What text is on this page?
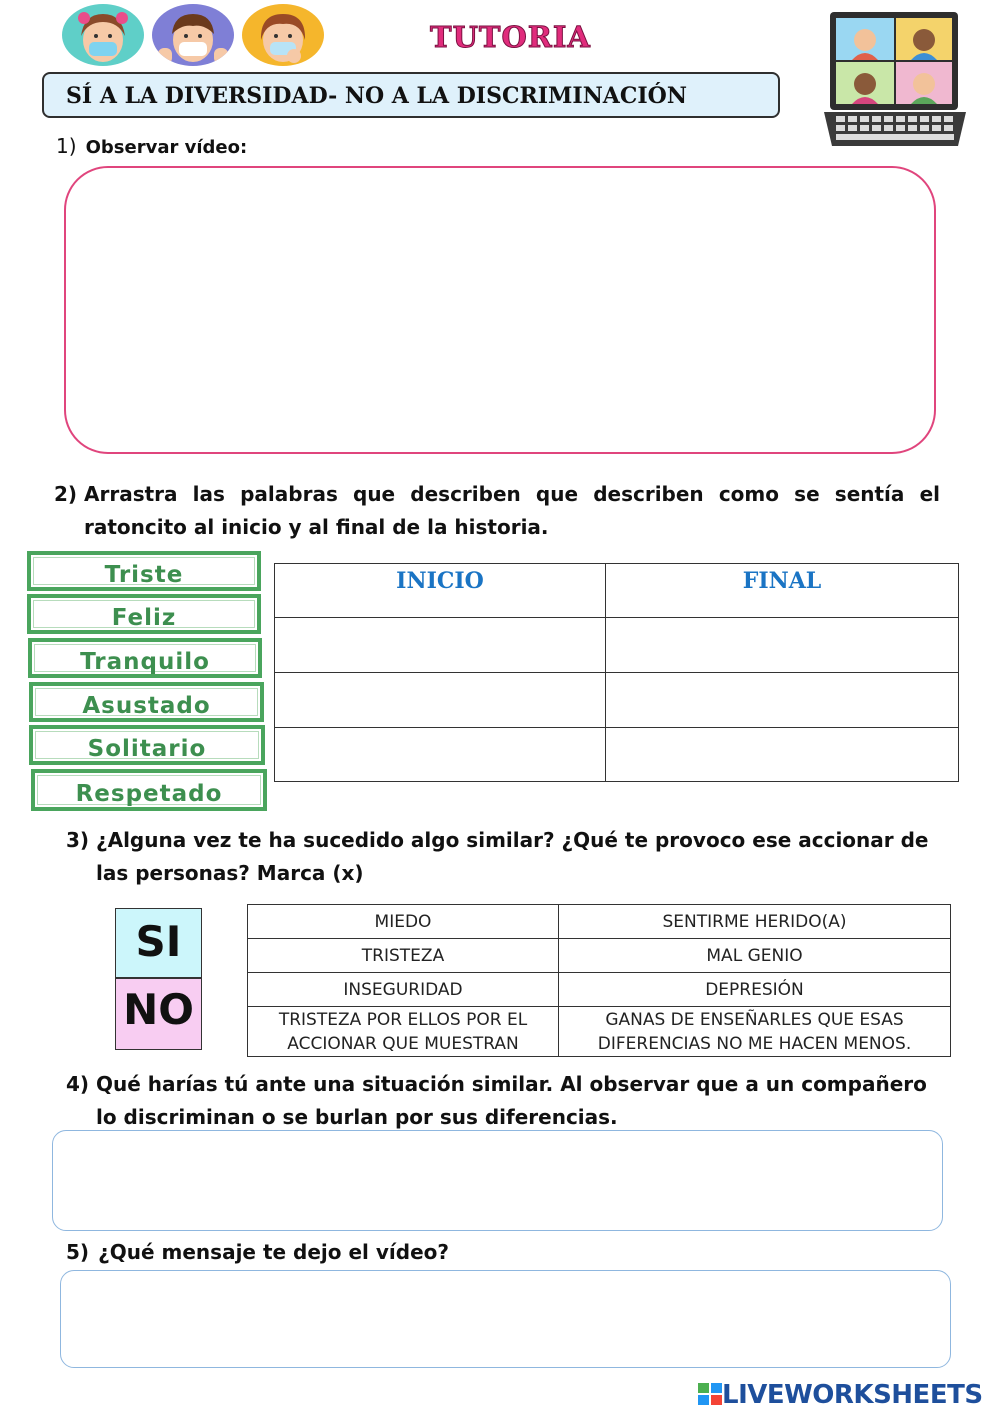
TUTORIA
SÍ A LA DIVERSIDAD- NO A LA DISCRIMINACIÓN
1) Observar vídeo:
2) Arrastra las palabras que describen que describen como se sentía el ratoncito al inicio y al final de la historia.
Triste
Feliz
Tranquilo
Asustado
Solitario
Respetado
INICIO	FINAL

3) ¿Alguna vez te ha sucedido algo similar? ¿Qué te provoco ese accionar de las personas? Marca (x)
SI
NO
MIEDO	SENTIRME HERIDO(A)
TRISTEZA	MAL GENIO
INSEGURIDAD	DEPRESIÓN
TRISTEZA POR ELLOS POR EL ACCIONAR QUE MUESTRAN	GANAS DE ENSEÑARLES QUE ESAS DIFERENCIAS NO ME HACEN MENOS.
4) Qué harías tú ante una situación similar. Al observar que a un compañero lo discriminan o se burlan por sus diferencias.
5) ¿Qué mensaje te dejo el vídeo?
LIVEWORKSHEETS
